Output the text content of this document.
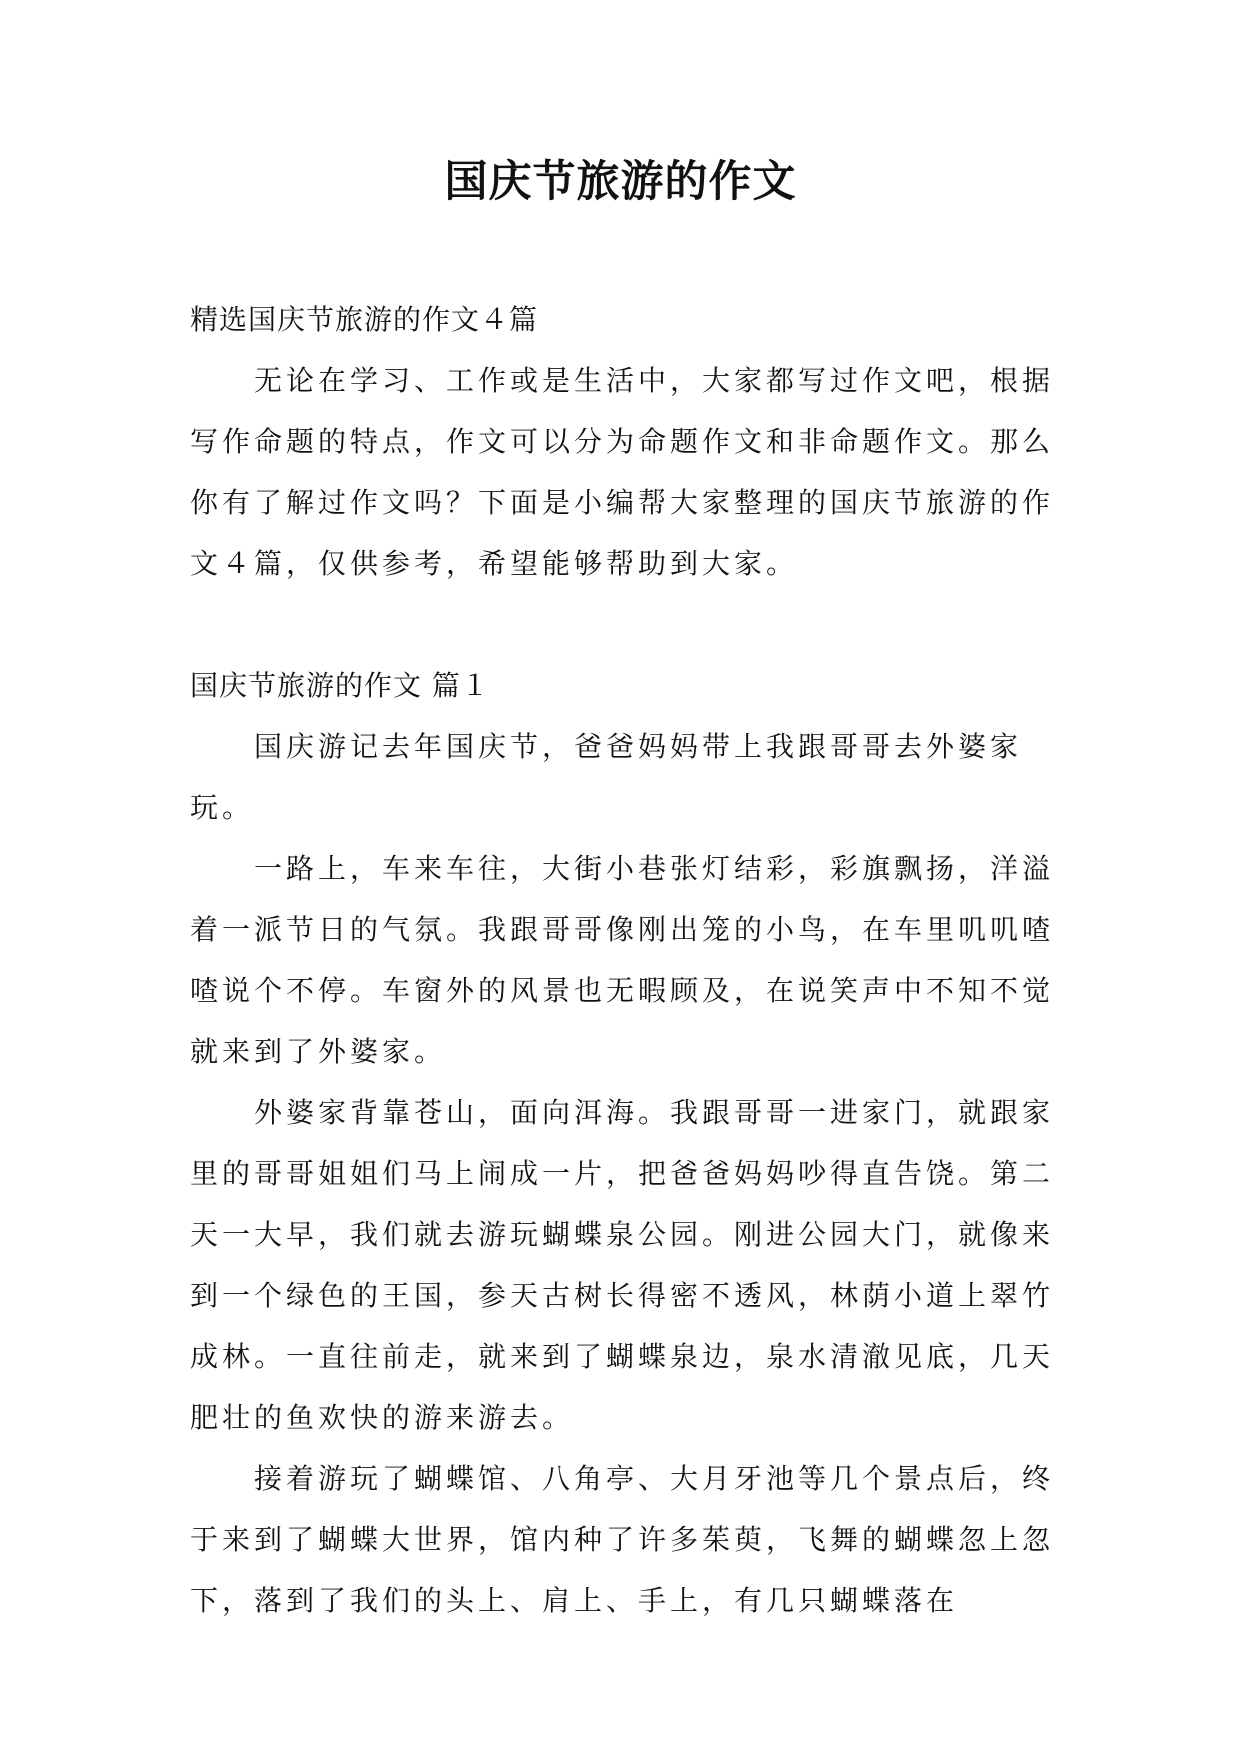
国庆节旅游的作文

精选国庆节旅游的作文４篇

无论在学习、工作或是生活中，大家都写过作文吧，根据写作命题的特点，作文可以分为命题作文和非命题作文。那么你有了解过作文吗？下面是小编帮大家整理的国庆节旅游的作文４篇，仅供参考，希望能够帮助到大家。

国庆节旅游的作文 篇１

国庆游记去年国庆节，爸爸妈妈带上我跟哥哥去外婆家玩。

一路上，车来车往，大街小巷张灯结彩，彩旗飘扬，洋溢着一派节日的气氛。我跟哥哥像刚出笼的小鸟，在车里叽叽喳喳说个不停。车窗外的风景也无暇顾及，在说笑声中不知不觉就来到了外婆家。

外婆家背靠苍山，面向洱海。我跟哥哥一进家门，就跟家里的哥哥姐姐们马上闹成一片，把爸爸妈妈吵得直告饶。第二天一大早，我们就去游玩蝴蝶泉公园。刚进公园大门，就像来到一个绿色的王国，参天古树长得密不透风，林荫小道上翠竹成林。一直往前走，就来到了蝴蝶泉边，泉水清澈见底，几天肥壮的鱼欢快的游来游去。

接着游玩了蝴蝶馆、八角亭、大月牙池等几个景点后，终于来到了蝴蝶大世界，馆内种了许多茱萸，飞舞的蝴蝶忽上忽下，落到了我们的头上、肩上、手上，有几只蝴蝶落在
